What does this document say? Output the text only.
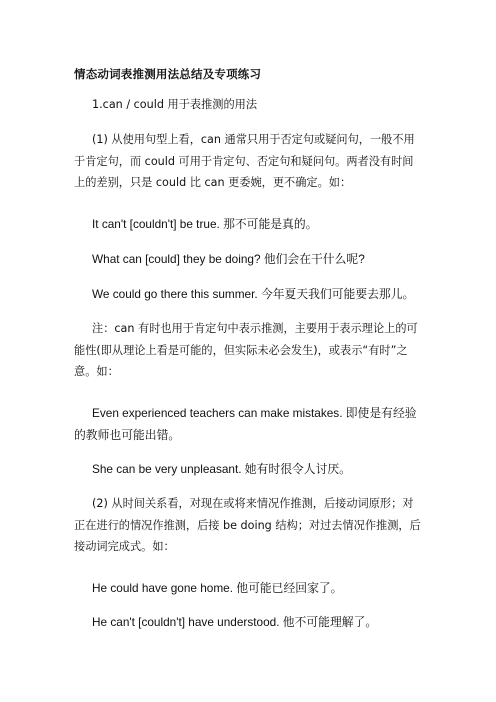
情态动词表推测用法总结及专项练习
1.can / could 用于表推测的用法
(1) 从使用句型上看，can 通常只用于否定句或疑问句，一般不用于肯定句，而 could 可用于肯定句、否定句和疑问句。两者没有时间上的差别，只是 could 比 can 更委婉，更不确定。如：
It can't [couldn't] be true. 那不可能是真的。
What can [could] they be doing? 他们会在干什么呢?
We could go there this summer. 今年夏天我们可能要去那儿。
注：can 有时也用于肯定句中表示推测，主要用于表示理论上的可能性(即从理论上看是可能的，但实际未必会发生)，或表示“有时”之意。如：
Even experienced teachers can make mistakes. 即使是有经验的教师也可能出错。
She can be very unpleasant. 她有时很令人讨厌。
(2) 从时间关系看，对现在或将来情况作推测，后接动词原形；对正在进行的情况作推测，后接 be doing 结构；对过去情况作推测，后接动词完成式。如：
He could have gone home. 他可能已经回家了。
He can't [couldn't] have understood. 他不可能理解了。
